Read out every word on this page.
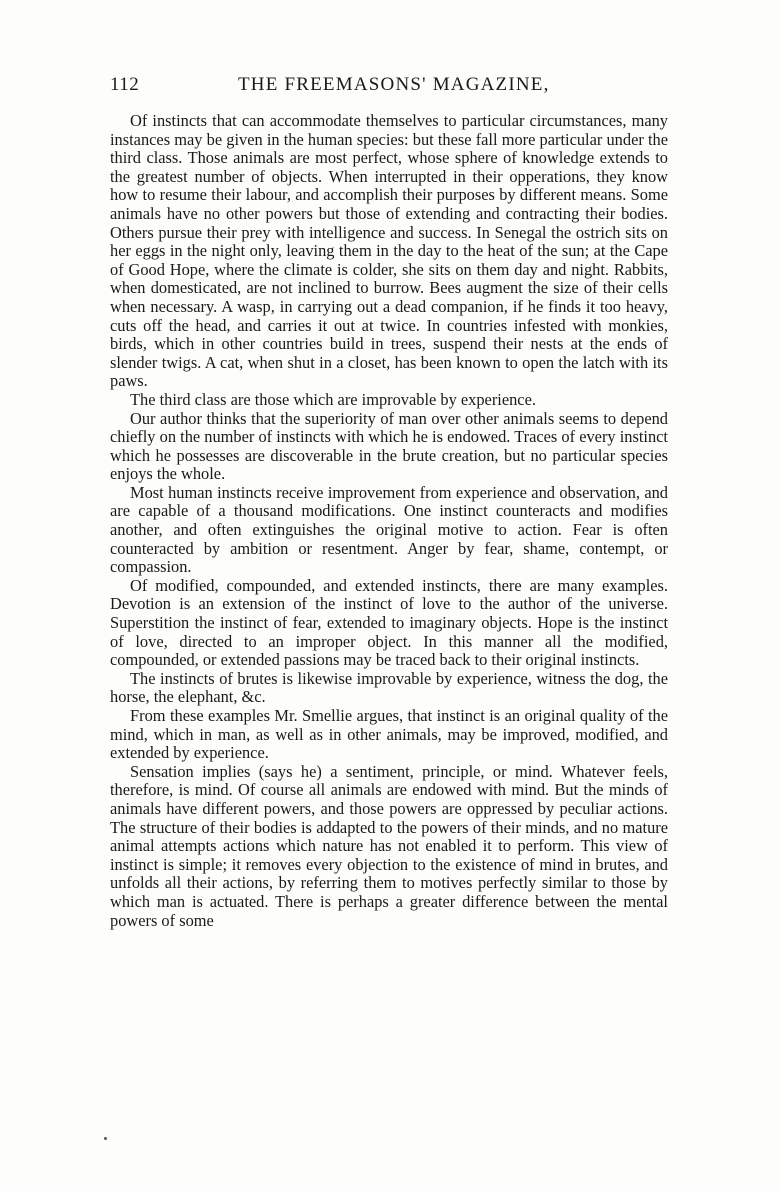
112	THE FREEMASONS' MAGAZINE,

Of instincts that can accommodate themselves to particular circumstances, many instances may be given in the human species: but these fall more particular under the third class. Those animals are most perfect, whose sphere of knowledge extends to the greatest number of objects. When interrupted in their opperations, they know how to resume their labour, and accomplish their purposes by different means. Some animals have no other powers but those of extending and contracting their bodies. Others pursue their prey with intelligence and success. In Senegal the ostrich sits on her eggs in the night only, leaving them in the day to the heat of the sun; at the Cape of Good Hope, where the climate is colder, she sits on them day and night. Rabbits, when domesticated, are not inclined to burrow. Bees augment the size of their cells when necessary. A wasp, in carrying out a dead companion, if he finds it too heavy, cuts off the head, and carries it out at twice. In countries infested with monkies, birds, which in other countries build in trees, suspend their nests at the ends of slender twigs. A cat, when shut in a closet, has been known to open the latch with its paws.

The third class are those which are improvable by experience.

Our author thinks that the superiority of man over other animals seems to depend chiefly on the number of instincts with which he is endowed. Traces of every instinct which he possesses are discoverable in the brute creation, but no particular species enjoys the whole.

Most human instincts receive improvement from experience and observation, and are capable of a thousand modifications. One instinct counteracts and modifies another, and often extinguishes the original motive to action. Fear is often counteracted by ambition or resentment. Anger by fear, shame, contempt, or compassion.

Of modified, compounded, and extended instincts, there are many examples. Devotion is an extension of the instinct of love to the author of the universe. Superstition the instinct of fear, extended to imaginary objects. Hope is the instinct of love, directed to an improper object. In this manner all the modified, compounded, or extended passions may be traced back to their original instincts.

The instincts of brutes is likewise improvable by experience, witness the dog, the horse, the elephant, &c.

From these examples Mr. Smellie argues, that instinct is an original quality of the mind, which in man, as well as in other animals, may be improved, modified, and extended by experience.

Sensation implies (says he) a sentiment, principle, or mind. Whatever feels, therefore, is mind. Of course all animals are endowed with mind. But the minds of animals have different powers, and those powers are oppressed by peculiar actions. The structure of their bodies is addapted to the powers of their minds, and no mature animal attempts actions which nature has not enabled it to perform. This view of instinct is simple; it removes every objection to the existence of mind in brutes, and unfolds all their actions, by referring them to motives perfectly similar to those by which man is actuated. There is perhaps a greater difference between the mental powers of some
